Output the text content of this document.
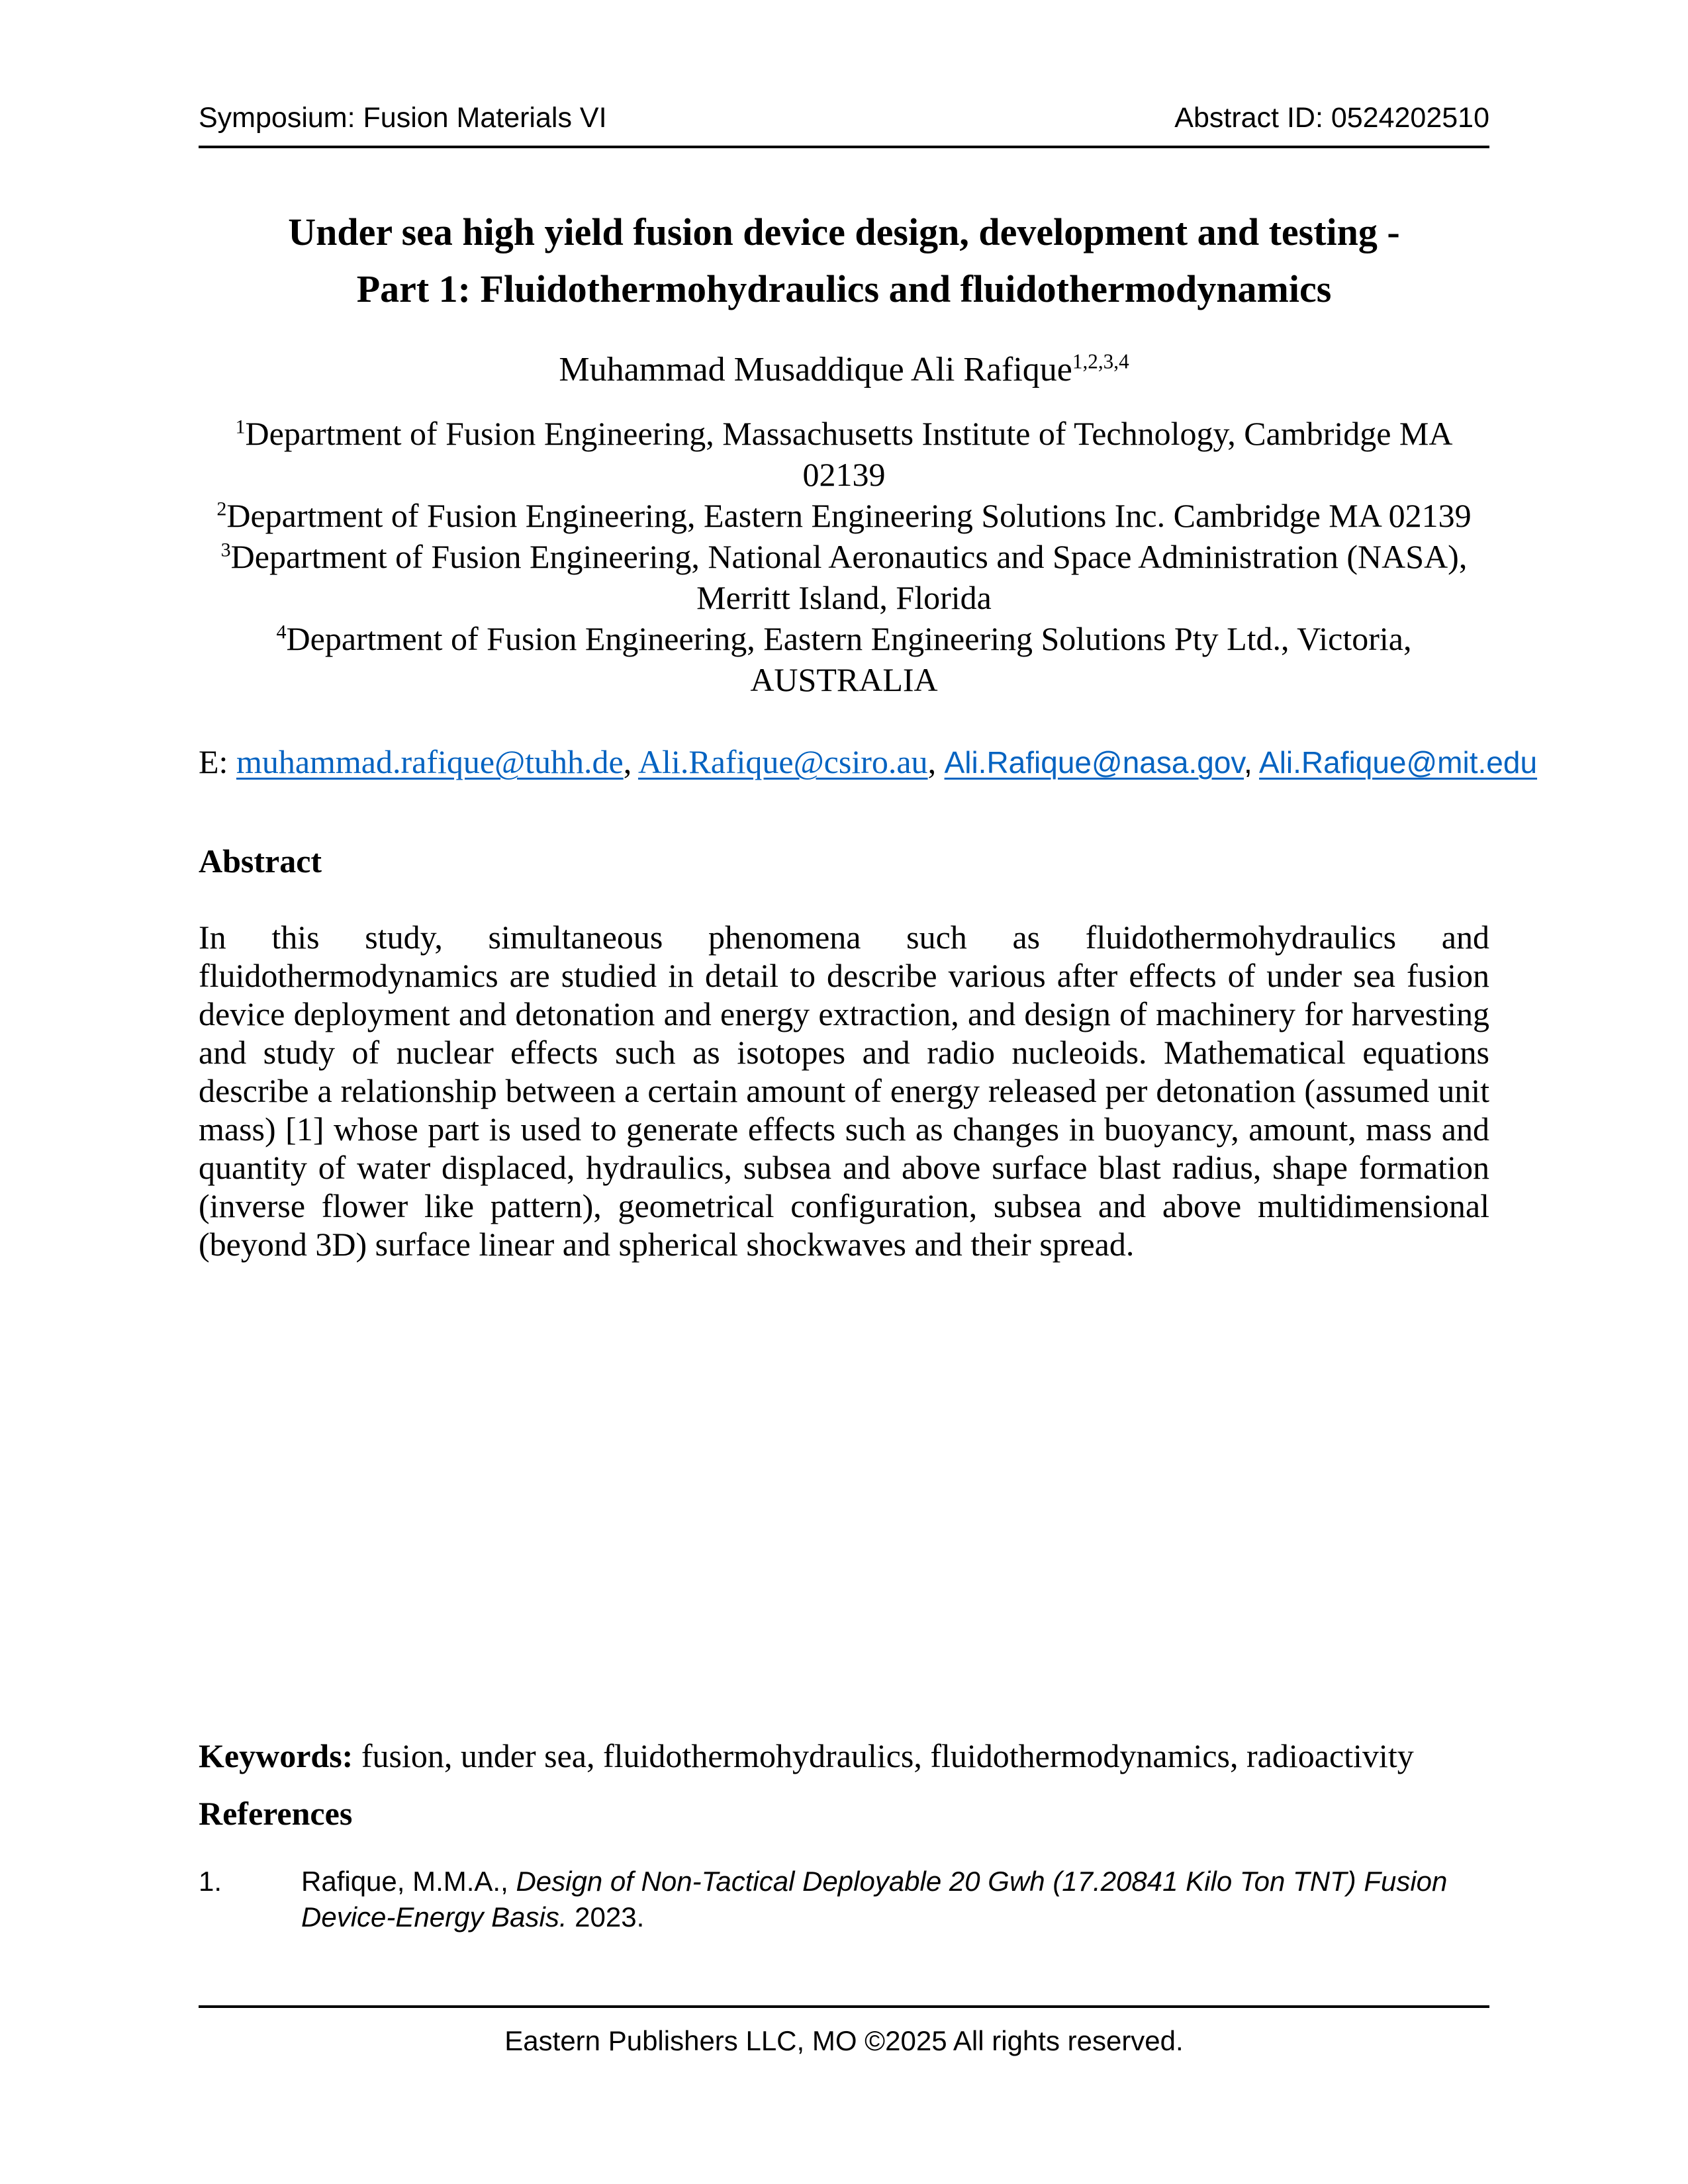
Symposium: Fusion Materials VI	Abstract ID: 0524202510
Under sea high yield fusion device design, development and testing -
Part 1: Fluidothermohydraulics and fluidothermodynamics
Muhammad Musaddique Ali Rafique$^{1,2,3,4}$
$^1$Department of Fusion Engineering, Massachusetts Institute of Technology, Cambridge MA 02139
$^2$Department of Fusion Engineering, Eastern Engineering Solutions Inc. Cambridge MA 02139
$^3$Department of Fusion Engineering, National Aeronautics and Space Administration (NASA),
Merritt Island, Florida
$^4$Department of Fusion Engineering, Eastern Engineering Solutions Pty Ltd., Victoria,
AUSTRALIA
E: muhammad.rafique@tuhh.de, Ali.Rafique@csiro.au, Ali.Rafique@nasa.gov, Ali.Rafique@mit.edu
Abstract

In this study, simultaneous phenomena such as fluidothermohydraulics and fluidothermodynamics are studied in detail to describe various after effects of under sea fusion device deployment and detonation and energy extraction, and design of machinery for harvesting and study of nuclear effects such as isotopes and radio nucleoids. Mathematical equations describe a relationship between a certain amount of energy released per detonation (assumed unit mass) [1] whose part is used to generate effects such as changes in buoyancy, amount, mass and quantity of water displaced, hydraulics, subsea and above surface blast radius, shape formation (inverse flower like pattern), geometrical configuration, subsea and above multidimensional (beyond 3D) surface linear and spherical shockwaves and their spread.

Keywords: fusion, under sea, fluidothermohydraulics, fluidothermodynamics, radioactivity

References
1.	Rafique, M.M.A., Design of Non-Tactical Deployable 20 Gwh (17.20841 Kilo Ton TNT) Fusion Device-Energy Basis. 2023.
Eastern Publishers LLC, MO ©2025 All rights reserved.
